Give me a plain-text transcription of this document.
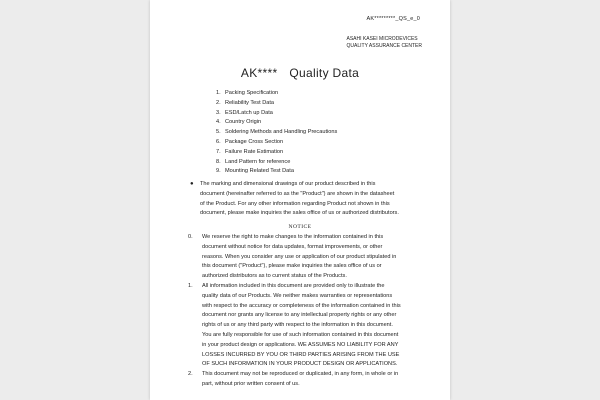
AK*********_QS_e_0
ASAHI KASEI MICRODEVICES
QUALITY ASSURANCE CENTER
AK**** Quality Data
1. Packing Specification
2. Reliability Test Data
3. ESD/Latch up Data
4. Country Origin
5. Soldering Methods and Handling Precautions
6. Package Cross Section
7. Failure Rate Estimation
8. Land Pattern for reference
9. Mounting Related Test Data
● The marking and dimensional drawings of our product described in this
document (hereinafter referred to as the "Product") are shown in the datasheet
of the Product. For any other information regarding Product not shown in this
document, please make inquiries the sales office of us or authorized distributors.
NOTICE
0. We reserve the right to make changes to the information contained in this

document without notice for data updates, format improvements, or other

reasons. When you consider any use or application of our product stipulated in

this document ("Product"), please make inquiries the sales office of us or

authorized distributors as to current status of the Products.

1. All information included in this document are provided only to illustrate the

quality data of our Products. We neither makes warranties or representations

with respect to the accuracy or completeness of the information contained in this

document nor grants any license to any intellectual property rights or any other

rights of us or any third party with respect to the information in this document.

You are fully responsible for use of such information contained in this document

in your product design or applications. WE ASSUMES NO LIABILITY FOR ANY

LOSSES INCURRED BY YOU OR THIRD PARTIES ARISING FROM THE USE

OF SUCH INFORMATION IN YOUR PRODUCT DESIGN OR APPLICATIONS.

2. This document may not be reproduced or duplicated, in any form, in whole or in

part, without prior written consent of us.
